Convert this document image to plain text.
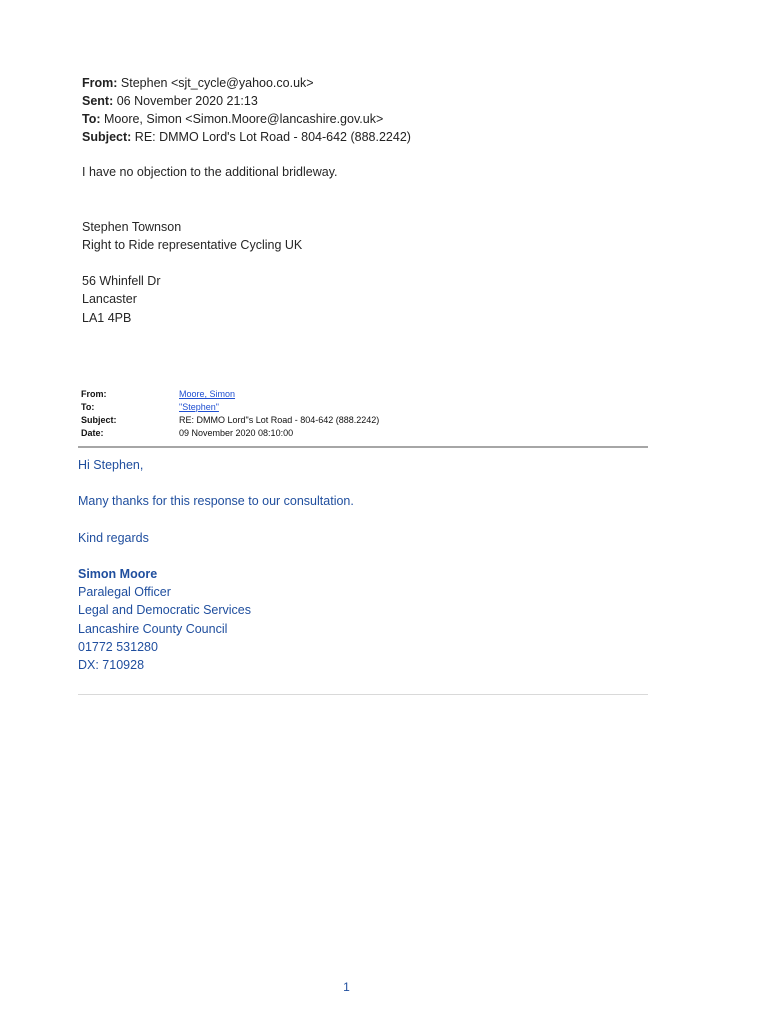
From: Stephen <sjt_cycle@yahoo.co.uk>
Sent: 06 November 2020 21:13
To: Moore, Simon <Simon.Moore@lancashire.gov.uk>
Subject: RE: DMMO Lord's Lot Road - 804-642 (888.2242)
I have no objection to the additional bridleway.
Stephen Townson
Right to Ride representative Cycling UK
56 Whinfell Dr
Lancaster
LA1 4PB
From:	Moore, Simon
To:	"Stephen"
Subject:	RE: DMMO Lord"s Lot Road - 804-642 (888.2242)
Date:	09 November 2020 08:10:00
Hi Stephen,
Many thanks for this response to our consultation.
Kind regards
Simon Moore
Paralegal Officer
Legal and Democratic Services
Lancashire County Council
01772 531280
DX: 710928
1
